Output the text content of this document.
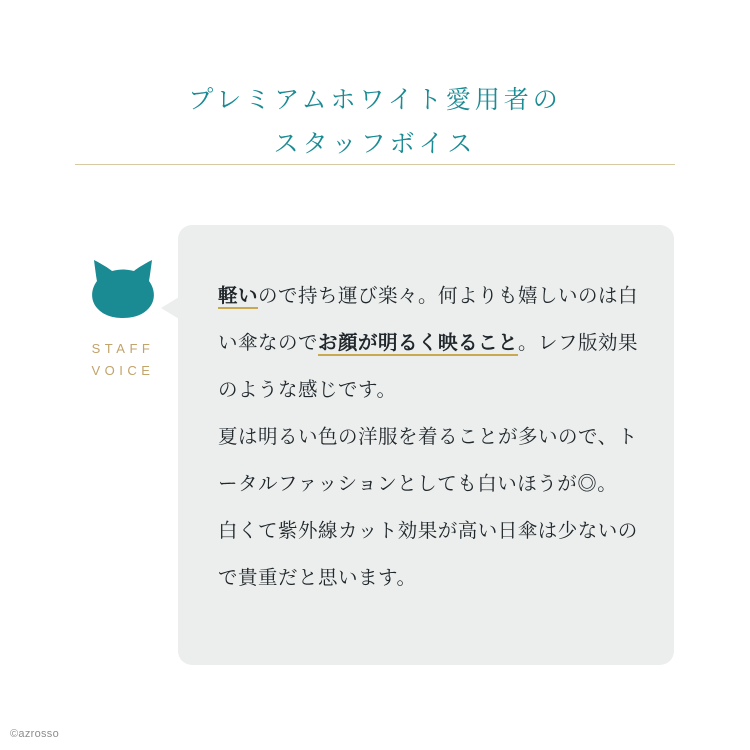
プレミアムホワイト愛用者の
スタッフボイス
STAFF
VOICE

軽いので持ち運び楽々。何よりも嬉しいのは白い傘なのでお顔が明るく映ること。レフ版効果のような感じです。

夏は明るい色の洋服を着ることが多いので、トータルファッションとしても白いほうが◎。

白くて紫外線カット効果が高い日傘は少ないので貴重だと思います。

©azrosso
